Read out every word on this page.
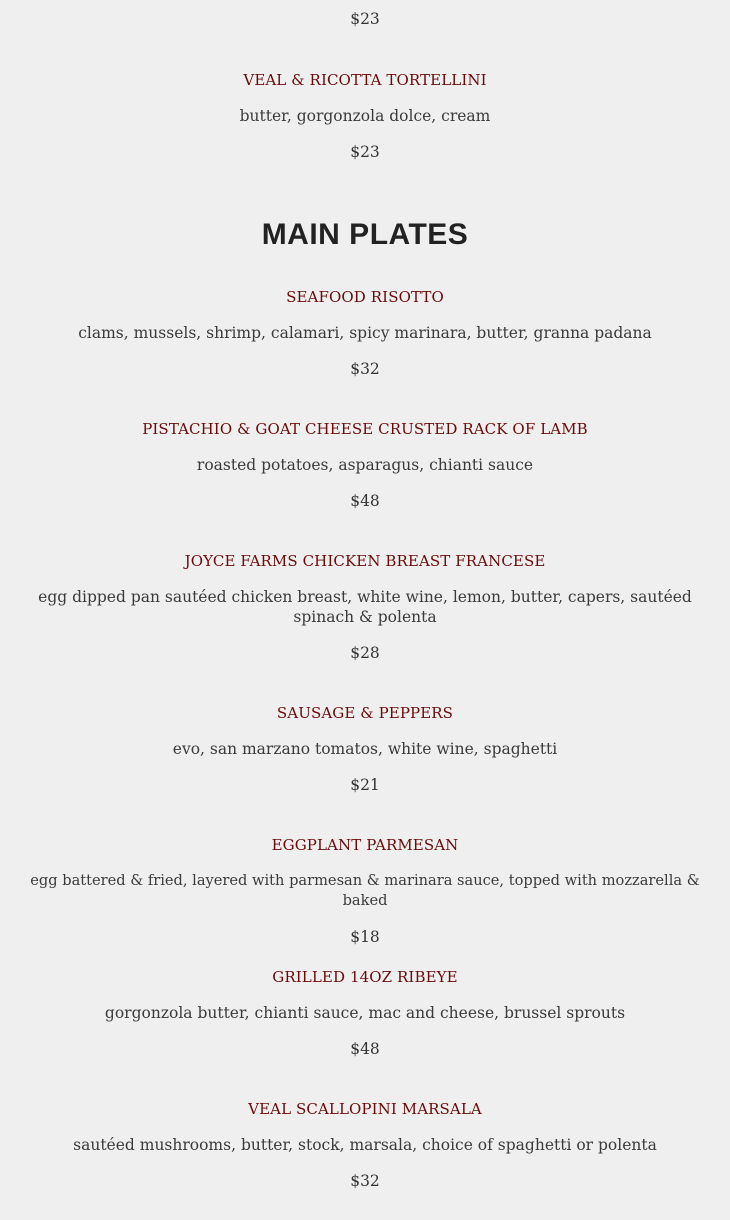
$23
VEAL & RICOTTA TORTELLINI
butter, gorgonzola dolce, cream
$23
MAIN PLATES
SEAFOOD RISOTTO
clams, mussels, shrimp, calamari, spicy marinara, butter, granna padana
$32
PISTACHIO & GOAT CHEESE CRUSTED RACK OF LAMB
roasted potatoes, asparagus, chianti sauce
$48
JOYCE FARMS CHICKEN BREAST FRANCESE
egg dipped pan sautéed chicken breast, white wine, lemon, butter, capers, sautéed spinach & polenta
$28
SAUSAGE & PEPPERS
evo, san marzano tomatos, white wine, spaghetti
$21
EGGPLANT PARMESAN
egg battered & fried, layered with parmesan & marinara sauce, topped with mozzarella & baked
$18
GRILLED 14OZ RIBEYE
gorgonzola butter, chianti sauce, mac and cheese, brussel sprouts
$48
VEAL SCALLOPINI MARSALA
sautéed mushrooms, butter, stock, marsala, choice of spaghetti or polenta
$32
